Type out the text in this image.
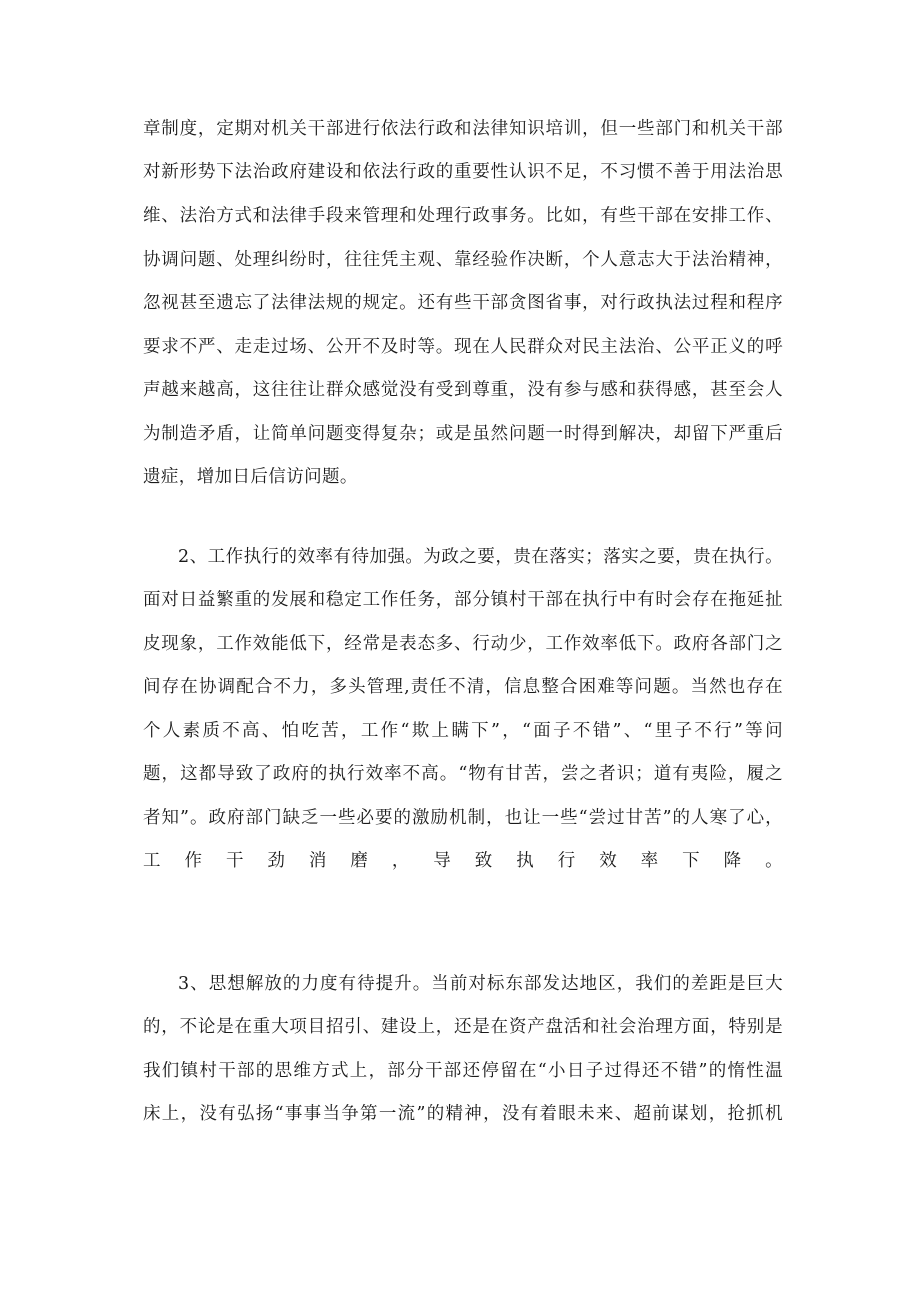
章制度，定期对机关干部进行依法行政和法律知识培训，但一些部门和机关干部
对新形势下法治政府建设和依法行政的重要性认识不足，不习惯不善于用法治思
维、法治方式和法律手段来管理和处理行政事务。比如，有些干部在安排工作、
协调问题、处理纠纷时，往往凭主观、靠经验作决断，个人意志大于法治精神，
忽视甚至遗忘了法律法规的规定。还有些干部贪图省事，对行政执法过程和程序
要求不严、走走过场、公开不及时等。现在人民群众对民主法治、公平正义的呼
声越来越高，这往往让群众感觉没有受到尊重，没有参与感和获得感，甚至会人
为制造矛盾，让简单问题变得复杂；或是虽然问题一时得到解决，却留下严重后
遗症，增加日后信访问题。
2、工作执行的效率有待加强。为政之要，贵在落实；落实之要，贵在执行。
面对日益繁重的发展和稳定工作任务，部分镇村干部在执行中有时会存在拖延扯
皮现象，工作效能低下，经常是表态多、行动少，工作效率低下。政府各部门之
间存在协调配合不力，多头管理,责任不清，信息整合困难等问题。当然也存在
个人素质不高、怕吃苦，工作“欺上瞒下”，“面子不错”、“里子不行”等问
题，这都导致了政府的执行效率不高。“物有甘苦，尝之者识；道有夷险，履之
者知”。政府部门缺乏一些必要的激励机制，也让一些“尝过甘苦”的人寒了心，
工作干劲消磨，导致执行效率下降。
3、思想解放的力度有待提升。当前对标东部发达地区，我们的差距是巨大
的，不论是在重大项目招引、建设上，还是在资产盘活和社会治理方面，特别是
我们镇村干部的思维方式上，部分干部还停留在“小日子过得还不错”的惰性温
床上，没有弘扬“事事当争第一流”的精神，没有着眼未来、超前谋划，抢抓机
